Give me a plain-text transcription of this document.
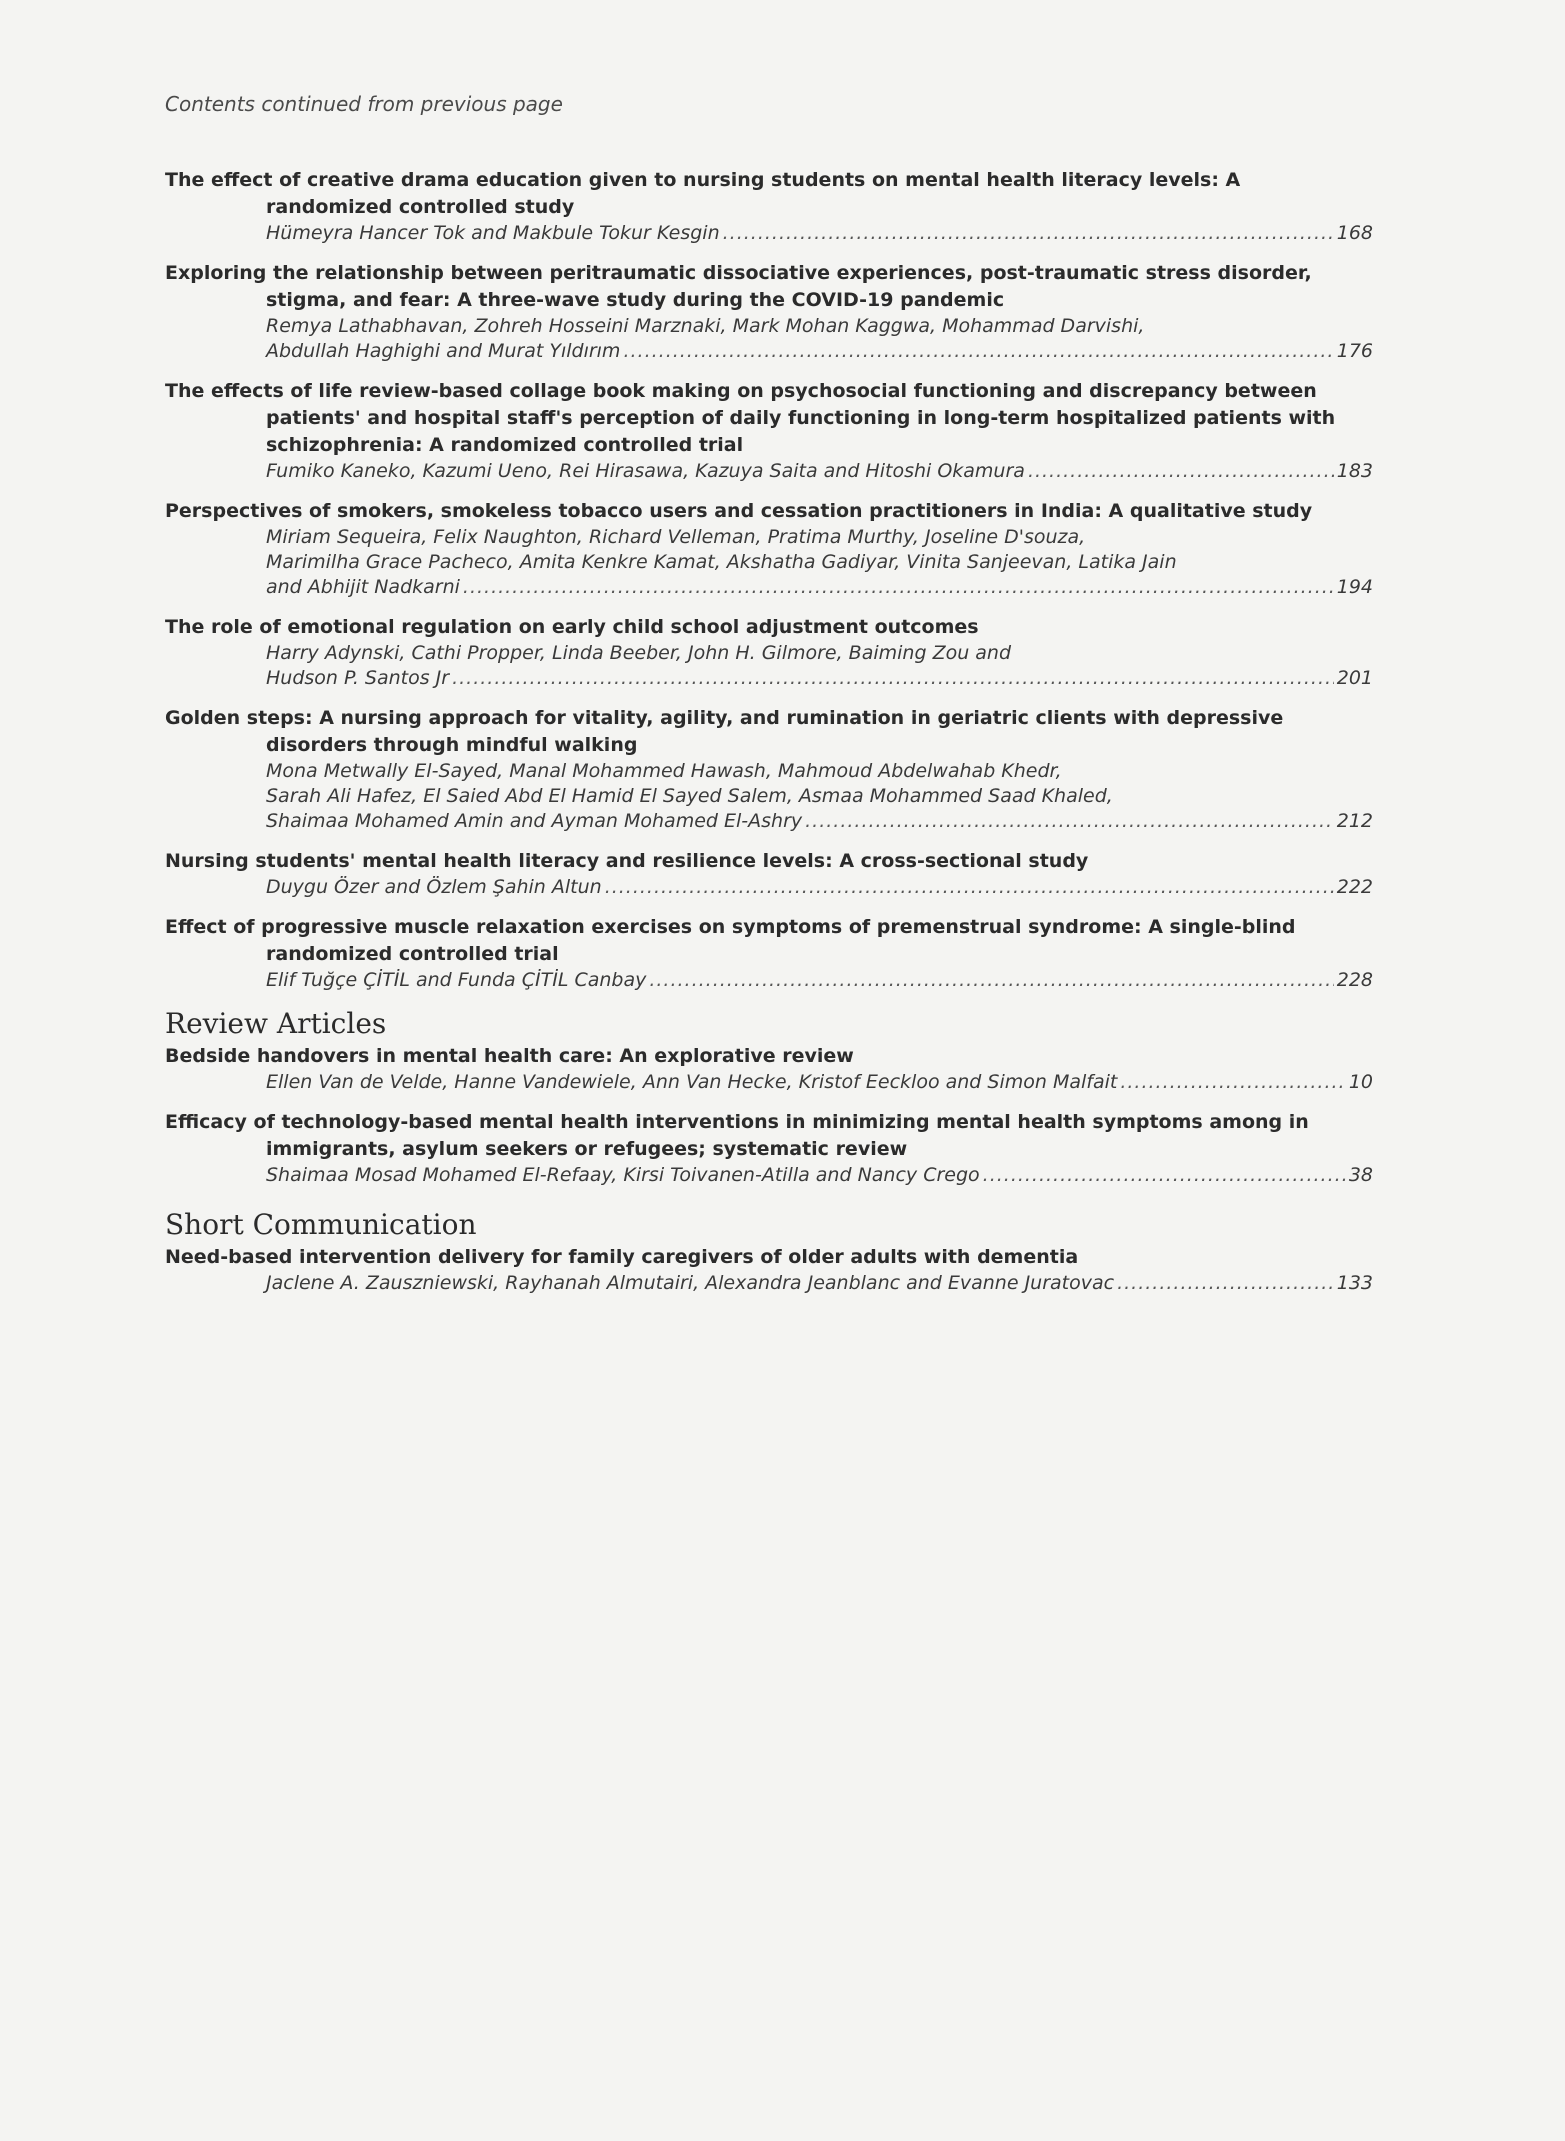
Contents continued from previous page
The effect of creative drama education given to nursing students on mental health literacy levels: A
randomized controlled study
Hümeyra Hancer Tok and Makbule Tokur Kesgin .....	168
Exploring the relationship between peritraumatic dissociative experiences, post-traumatic stress disorder,
stigma, and fear: A three-wave study during the COVID-19 pandemic
Remya Lathabhavan, Zohreh Hosseini Marznaki, Mark Mohan Kaggwa, Mohammad Darvishi,
Abdullah Haghighi and Murat Yıldırım .....	176
The effects of life review-based collage book making on psychosocial functioning and discrepancy between
patients' and hospital staff's perception of daily functioning in long-term hospitalized patients with
schizophrenia: A randomized controlled trial
Fumiko Kaneko, Kazumi Ueno, Rei Hirasawa, Kazuya Saita and Hitoshi Okamura .....	183
Perspectives of smokers, smokeless tobacco users and cessation practitioners in India: A qualitative study
Miriam Sequeira, Felix Naughton, Richard Velleman, Pratima Murthy, Joseline D'souza,
Marimilha Grace Pacheco, Amita Kenkre Kamat, Akshatha Gadiyar, Vinita Sanjeevan, Latika Jain
and Abhijit Nadkarni .....	194
The role of emotional regulation on early child school adjustment outcomes
Harry Adynski, Cathi Propper, Linda Beeber, John H. Gilmore, Baiming Zou and
Hudson P. Santos Jr .....	201
Golden steps: A nursing approach for vitality, agility, and rumination in geriatric clients with depressive
disorders through mindful walking
Mona Metwally El-Sayed, Manal Mohammed Hawash, Mahmoud Abdelwahab Khedr,
Sarah Ali Hafez, El Saied Abd El Hamid El Sayed Salem, Asmaa Mohammed Saad Khaled,
Shaimaa Mohamed Amin and Ayman Mohamed El-Ashry .....	212
Nursing students' mental health literacy and resilience levels: A cross-sectional study
Duygu Özer and Özlem Şahin Altun .....	222
Effect of progressive muscle relaxation exercises on symptoms of premenstrual syndrome: A single-blind
randomized controlled trial
Elif Tuğçe ÇİTİL and Funda ÇİTİL Canbay .....	228
Review Articles
Bedside handovers in mental health care: An explorative review
Ellen Van de Velde, Hanne Vandewiele, Ann Van Hecke, Kristof Eeckloo and Simon Malfait .....	10
Efficacy of technology-based mental health interventions in minimizing mental health symptoms among in
immigrants, asylum seekers or refugees; systematic review
Shaimaa Mosad Mohamed El-Refaay, Kirsi Toivanen-Atilla and Nancy Crego .....	38
Short Communication
Need-based intervention delivery for family caregivers of older adults with dementia
Jaclene A. Zauszniewski, Rayhanah Almutairi, Alexandra Jeanblanc and Evanne Juratovac .....	133
